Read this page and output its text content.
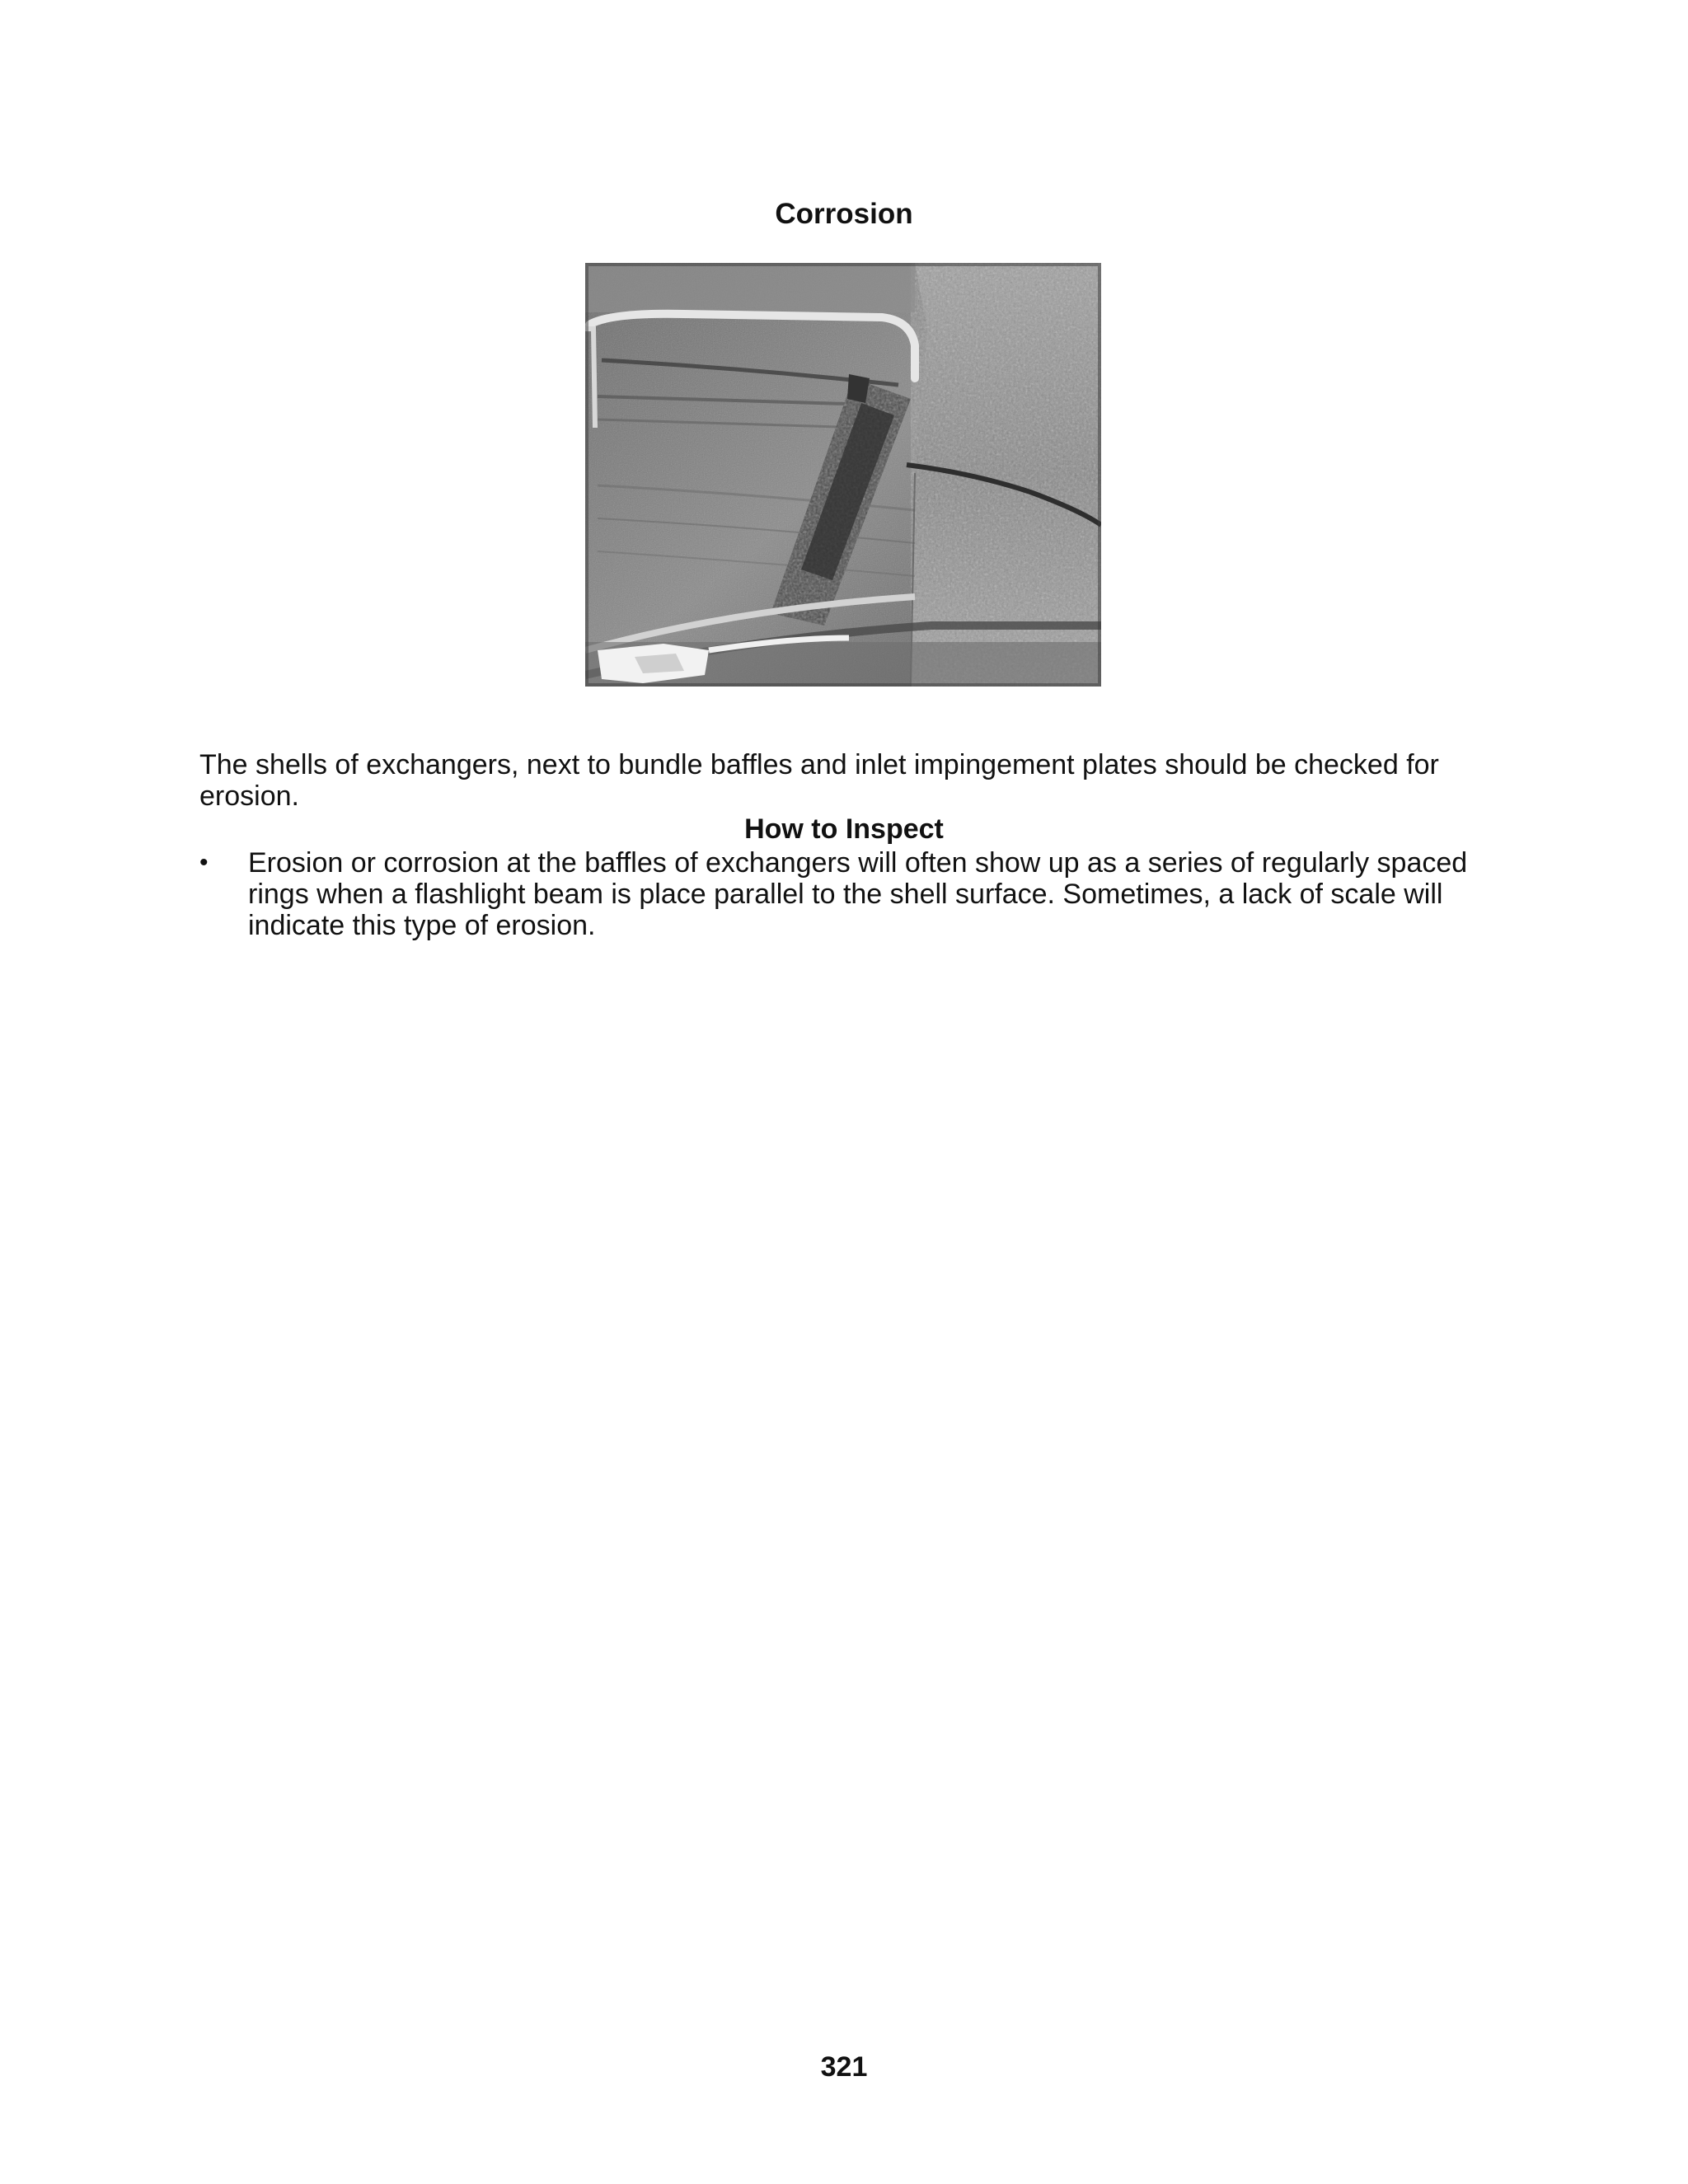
Corrosion
The shells of exchangers, next to bundle baffles and inlet impingement plates should be checked for erosion.
How to Inspect
• Erosion or corrosion at the baffles of exchangers will often show up as a series of regularly spaced rings when a flashlight beam is place parallel to the shell surface. Sometimes, a lack of scale will indicate this type of erosion.
321
